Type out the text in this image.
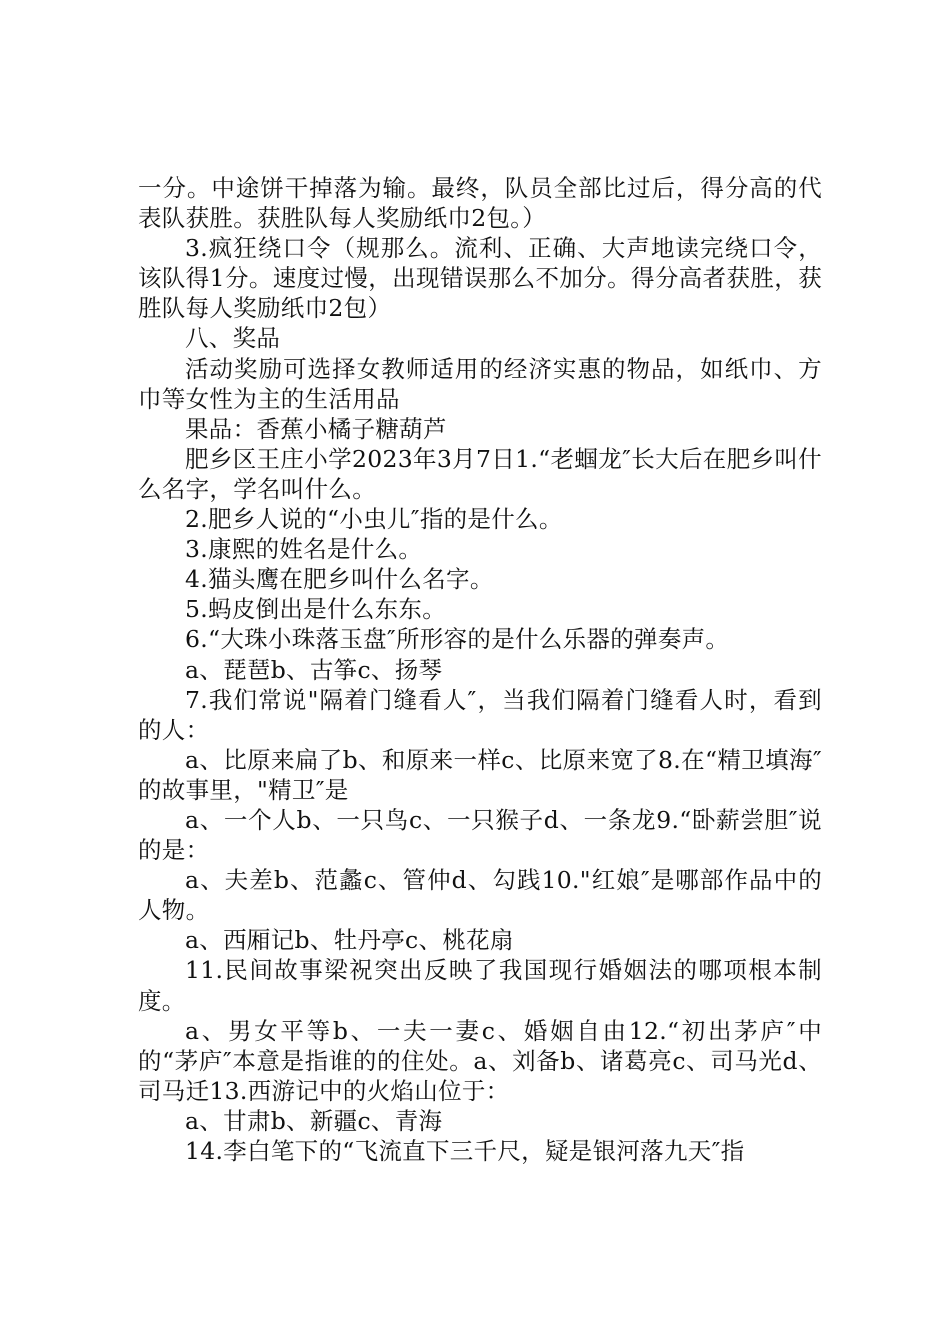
一分。中途饼干掉落为输。最终，队员全部比过后，得分高的代表队获胜。获胜队每人奖励纸巾2包。）

3.疯狂绕口令（规那么。流利、正确、大声地读完绕口令，该队得1分。速度过慢，出现错误那么不加分。得分高者获胜，获胜队每人奖励纸巾2包）

八、奖品

活动奖励可选择女教师适用的经济实惠的物品，如纸巾、方巾等女性为主的生活用品

果品：香蕉小橘子糖葫芦

肥乡区王庄小学2023年3月7日1.“老蝈龙″长大后在肥乡叫什么名字，学名叫什么。

2.肥乡人说的“小虫儿″指的是什么。

3.康熙的姓名是什么。

4.猫头鹰在肥乡叫什么名字。

5.蚂皮倒出是什么东东。

6.“大珠小珠落玉盘″所形容的是什么乐器的弹奏声。

a、琵琶b、古筝c、扬琴

7.我们常说"隔着门缝看人″，当我们隔着门缝看人时，看到的人：

a、比原来扁了b、和原来一样c、比原来宽了8.在“精卫填海″的故事里，"精卫″是

a、一个人b、一只鸟c、一只猴子d、一条龙9.“卧薪尝胆″说的是：

a、夫差b、范蠡c、管仲d、勾践10."红娘″是哪部作品中的人物。

a、西厢记b、牡丹亭c、桃花扇

11.民间故事梁祝突出反映了我国现行婚姻法的哪项根本制度。

a、男女平等b、一夫一妻c、婚姻自由12.“初出茅庐″中的“茅庐″本意是指谁的的住处。a、刘备b、诸葛亮c、司马光d、司马迁13.西游记中的火焰山位于：

a、甘肃b、新疆c、青海

14.李白笔下的“飞流直下三千尺，疑是银河落九天″指
